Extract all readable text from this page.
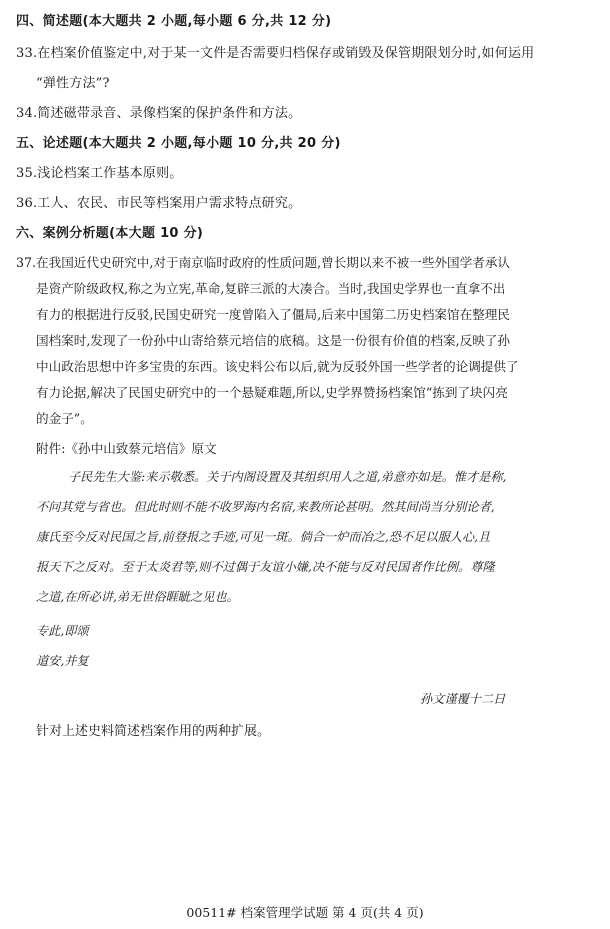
四、简述题(本大题共 2 小题,每小题 6 分,共 12 分)
33.在档案价值鉴定中,对于某一文件是否需要归档保存或销毁及保管期限划分时,如何运用
“弹性方法”?
34.简述磁带录音、录像档案的保护条件和方法。
五、论述题(本大题共 2 小题,每小题 10 分,共 20 分)
35.浅论档案工作基本原则。
36.工人、农民、市民等档案用户需求特点研究。
六、案例分析题(本大题 10 分)
37.在我国近代史研究中,对于南京临时政府的性质问题,曾长期以来不被一些外国学者承认
是资产阶级政权,称之为立宪,革命,复辟三派的大凑合。当时,我国史学界也一直拿不出
有力的根据进行反驳,民国史研究一度曾陷入了僵局,后来中国第二历史档案馆在整理民
国档案时,发现了一份孙中山寄给蔡元培信的底稿。这是一份很有价值的档案,反映了孙
中山政治思想中许多宝贵的东西。该史料公布以后,就为反驳外国一些学者的论调提供了
有力论据,解决了民国史研究中的一个悬疑难题,所以,史学界赞扬档案馆“拣到了块闪亮
的金子”。
附件:《孙中山致蔡元培信》原文
子民先生大鉴:来示敬悉。关于内阁设置及其组织用人之道,弟意亦如是。惟才是称,
不问其党与省也。但此时则不能不收罗海内名宿,来教所论甚明。然其间尚当分别论者,
康氏至今反对民国之旨,前登报之手迹,可见一斑。倘合一炉而冶之,恐不足以服人心,且
报天下之反对。至于太炎君等,则不过偶于友谊小嫌,决不能与反对民国者作比例。尊隆
之道,在所必讲,弟无世俗睚眦之见也。
专此,即颂
道安,并复
孙文谨覆十二日
针对上述史料简述档案作用的两种扩展。
00511# 档案管理学试题 第 4 页(共 4 页)
